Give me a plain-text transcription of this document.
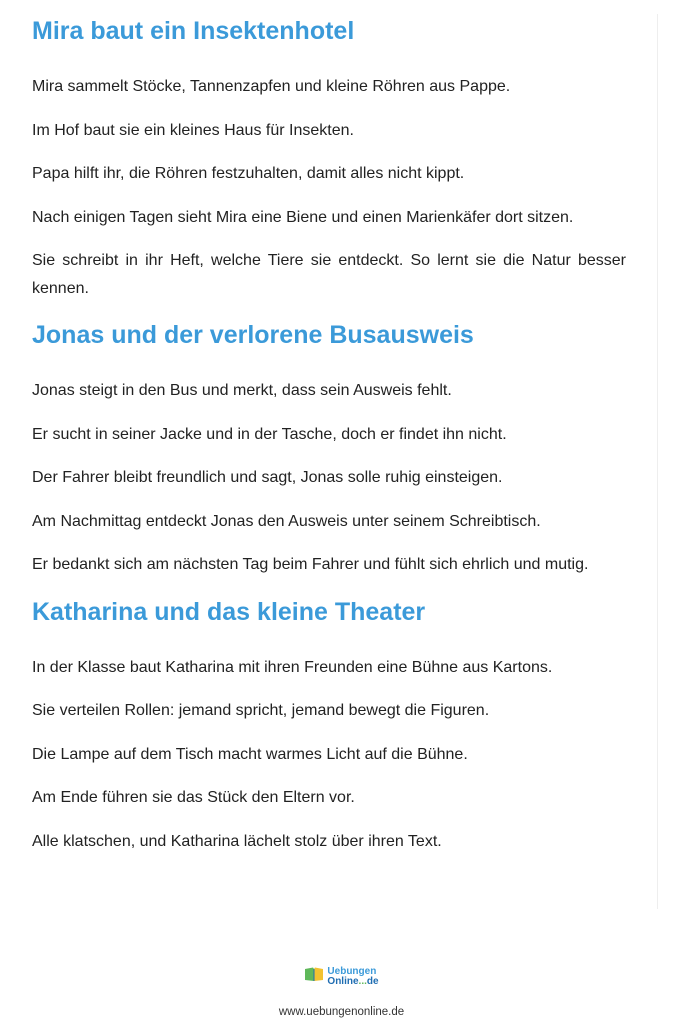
Mira baut ein Insektenhotel

Mira sammelt Stöcke, Tannenzapfen und kleine Röhren aus Pappe.

Im Hof baut sie ein kleines Haus für Insekten.

Papa hilft ihr, die Röhren festzuhalten, damit alles nicht kippt.

Nach einigen Tagen sieht Mira eine Biene und einen Marienkäfer dort sitzen.

Sie schreibt in ihr Heft, welche Tiere sie entdeckt. So lernt sie die Natur besser kennen.

Jonas und der verlorene Busausweis

Jonas steigt in den Bus und merkt, dass sein Ausweis fehlt.

Er sucht in seiner Jacke und in der Tasche, doch er findet ihn nicht.

Der Fahrer bleibt freundlich und sagt, Jonas solle ruhig einsteigen.

Am Nachmittag entdeckt Jonas den Ausweis unter seinem Schreibtisch.

Er bedankt sich am nächsten Tag beim Fahrer und fühlt sich ehrlich und mutig.

Katharina und das kleine Theater

In der Klasse baut Katharina mit ihren Freunden eine Bühne aus Kartons.

Sie verteilen Rollen: jemand spricht, jemand bewegt die Figuren.

Die Lampe auf dem Tisch macht warmes Licht auf die Bühne.

Am Ende führen sie das Stück den Eltern vor.

Alle klatschen, und Katharina lächelt stolz über ihren Text.

Uebungen
Online...de
www.uebungenonline.de
